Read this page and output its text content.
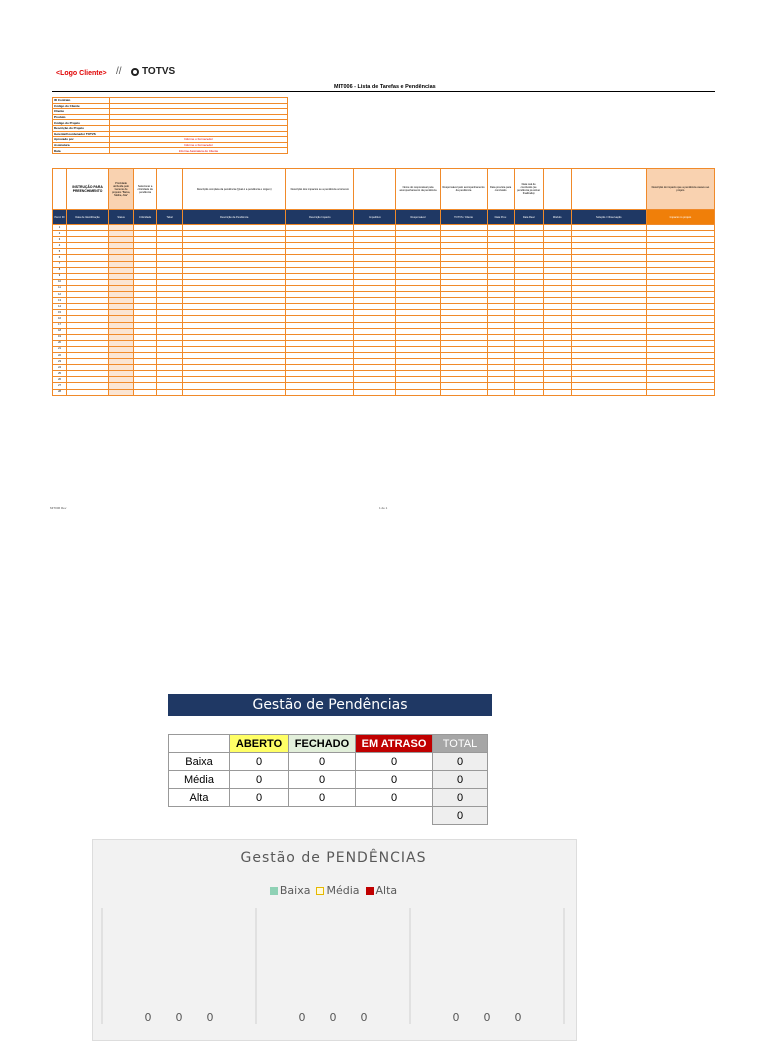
<Logo Cliente> // TOTVS
MIT006 - Lista de Tarefas e Pendências
ID Contrato	
Código do Cliente	
Cliente	
Produto	
Código do Projeto	
Descrição do Projeto	
Gerente/Coordenador TOTVS	
Aprovado por	Informe o Fornecedor
Assinatura	Informe o Fornecedor
Data	Informe Assinatura do Cliente
	INSTRUÇÃO PARA PREENCHIMENTO	Prioridade atribuída pelo Gerente de projetos "Baixa, Média, Alta"	Selecionar a criticidade da pendência		Descrição completa da pendência (Qual é a pendência e origem)	Descrição dos impactos se a pendência ocorrerem		Nome do responsável pela acompanhamento da pendência	Responsável pelo acompanhamento da pendência	Data prevista para conclusão	Data real de conclusão (se pendência já estiver finalizada)			Descrição do impacto que a pendência causou ao projeto
Pend. ID	Data de Identificação	Status	Criticidade	Tabel	Descrição da Pendência	Descrição Impacto	Impeditivo	Responsável	TOTVS / Cliente	Data Prev.	Data Real	Módulo	Solução / Observação	Impacto no projeto
1														
2														
3														
4														
5														
6														
7														
8														
9														
10														
11														
12														
13														
14														
15														
16														
17														
18														
19														
20														
21														
22														
23														
24														
25														
26														
27														
28														
MIT006 Rev	1 de 1
Gestão de Pendências
	ABERTO	FECHADO	EM ATRASO	TOTAL
Baixa	0	0	0	0
Média	0	0	0	0
Alta	0	0	0	0
				0
Gestão de PENDÊNCIAS
Baixa Média Alta
0 0 0	0 0 0	0 0 0
